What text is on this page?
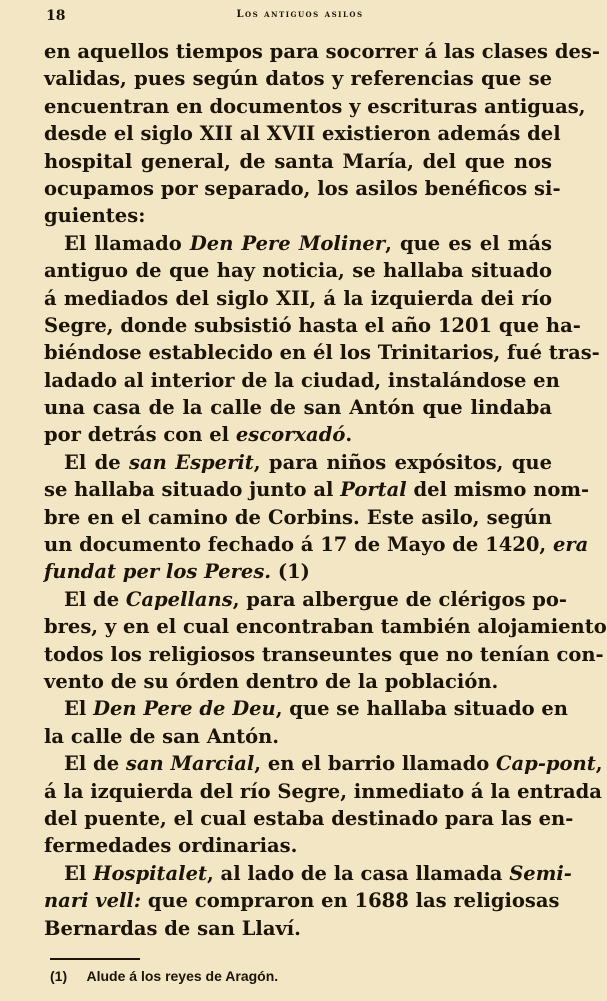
18	Los antiguos asilos
en aquellos tiempos para socorrer á las clases des-
validas, pues según datos y referencias que se
encuentran en documentos y escrituras antiguas,
desde el siglo XII al XVII existieron además del
hospital general, de santa María, del que nos
ocupamos por separado, los asilos benéficos si-
guientes:
El llamado Den Pere Moliner, que es el más
antiguo de que hay noticia, se hallaba situado
á mediados del siglo XII, á la izquierda dei río
Segre, donde subsistió hasta el año 1201 que ha-
biéndose establecido en él los Trinitarios, fué tras-
ladado al interior de la ciudad, instalándose en
una casa de la calle de san Antón que lindaba
por detrás con el escorxadó.
El de san Esperit, para niños expósitos, que
se hallaba situado junto al Portal del mismo nom-
bre en el camino de Corbins. Este asilo, según
un documento fechado á 17 de Mayo de 1420, era
fundat per los Peres. (1)
El de Capellans, para albergue de clérigos po-
bres, y en el cual encontraban también alojamiento
todos los religiosos transeuntes que no tenían con-
vento de su órden dentro de la población.
El Den Pere de Deu, que se hallaba situado en
la calle de san Antón.
El de san Marcial, en el barrio llamado Cap-pont,
á la izquierda del río Segre, inmediato á la entrada
del puente, el cual estaba destinado para las en-
fermedades ordinarias.
El Hospitalet, al lado de la casa llamada Semi-
nari vell: que compraron en 1688 las religiosas
Bernardas de san Llaví.
(1) Alude á los reyes de Aragón.
